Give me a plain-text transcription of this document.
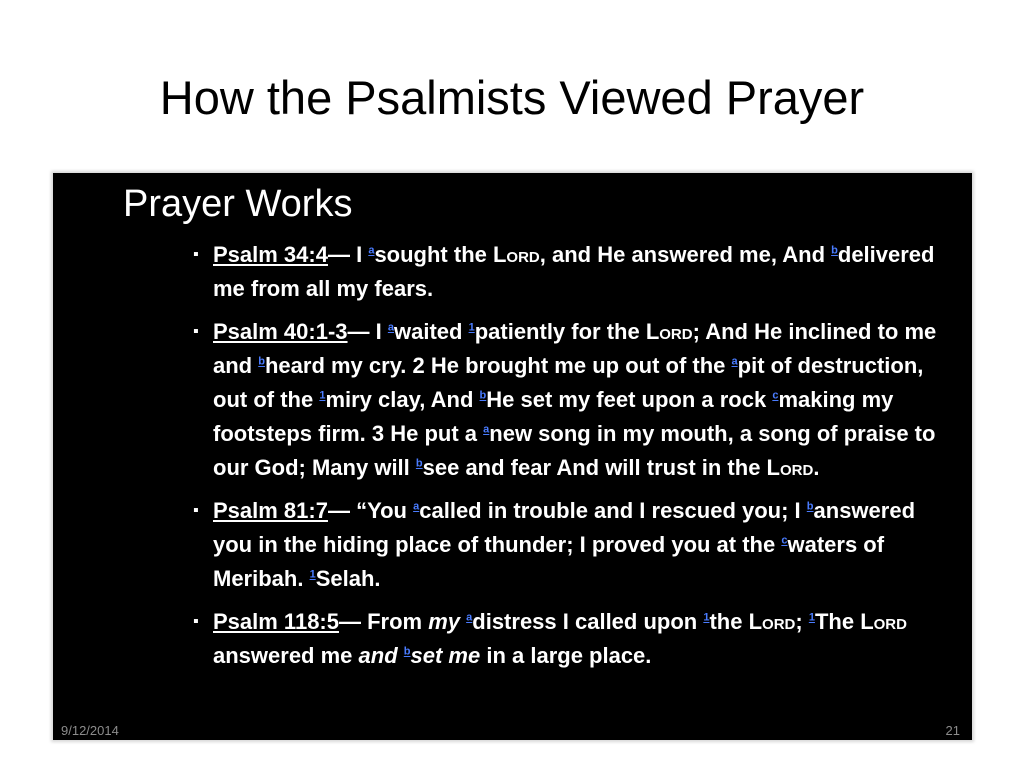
How the Psalmists Viewed Prayer
Prayer Works
▪ Psalm 34:4— I $^a$sought the Lord, and He answered me, And $^b$delivered me from all my fears.
▪ Psalm 40:1-3— I $^a$waited $^1$patiently for the Lord; And He inclined to me and $^b$heard my cry. 2 He brought me up out of the $^a$pit of destruction, out of the $^1$miry clay, And $^b$He set my feet upon a rock $^c$making my footsteps firm. 3 He put a $^a$new song in my mouth, a song of praise to our God; Many will $^b$see and fear And will trust in the Lord.
▪ Psalm 81:7— “You $^a$called in trouble and I rescued you; I $^b$answered you in the hiding place of thunder; I proved you at the $^c$waters of Meribah. $^1$Selah.
▪ Psalm 118:5— From my $^a$distress I called upon $^1$the Lord; $^1$The Lord answered me and $^b$set me in a large place.
9/12/2014	21
